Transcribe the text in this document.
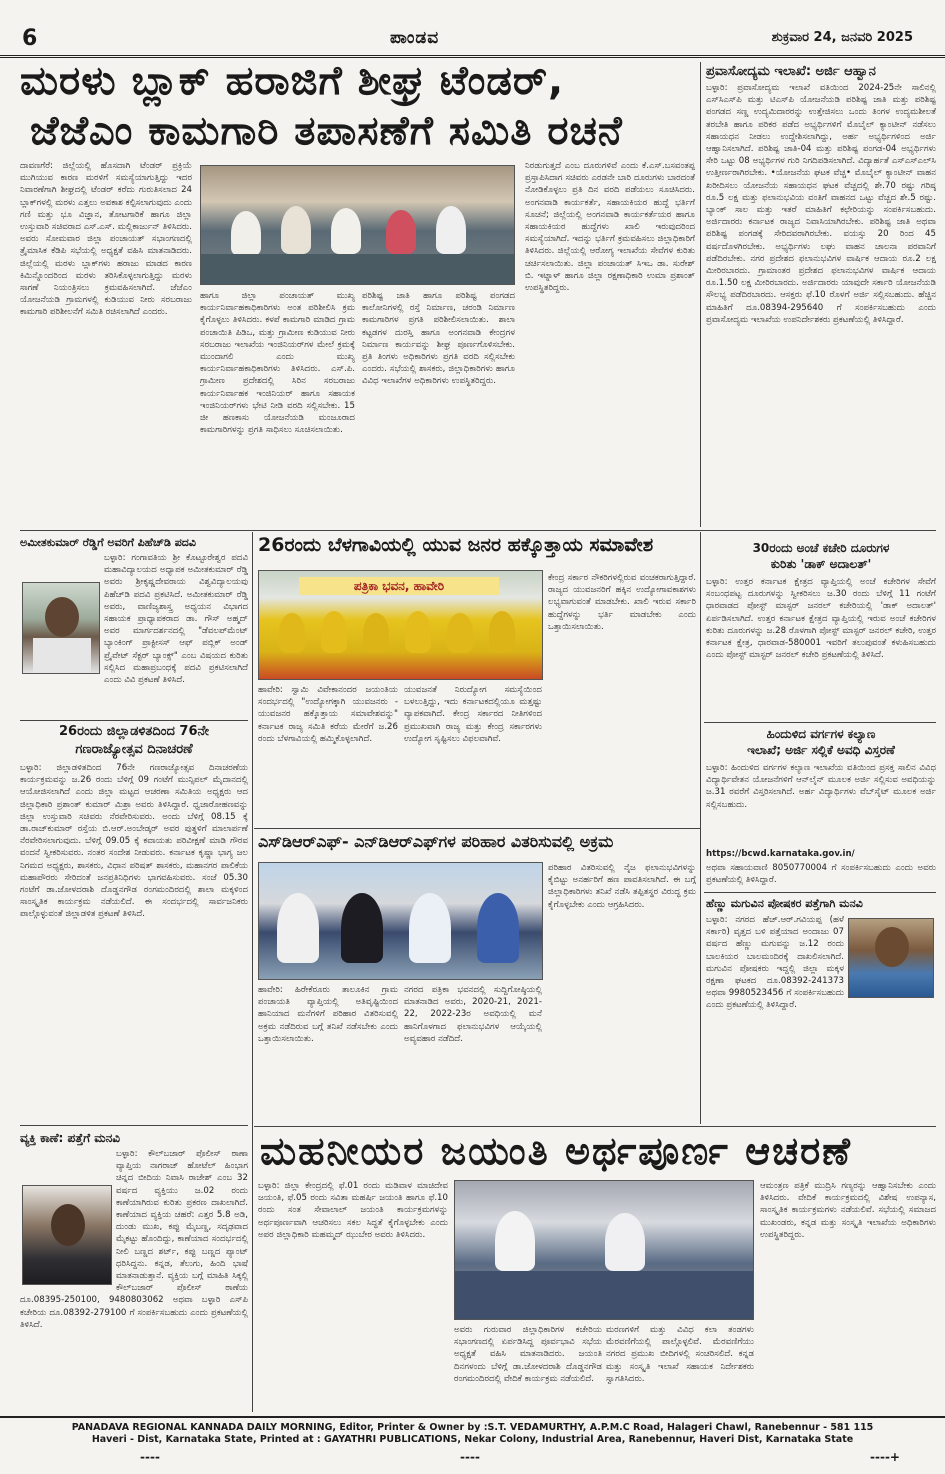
6	ಪಾಂಡವ	ಶುಕ್ರವಾರ 24, ಜನವರಿ 2025
ಮರಳು ಬ್ಲಾಕ್ ಹರಾಜಿಗೆ ಶೀಘ್ರ ಟೆಂಡರ್,
ಜೆಜೆಎಂ ಕಾಮಗಾರಿ ತಪಾಸಣೆಗೆ ಸಮಿತಿ ರಚನೆ
ದಾವಣಗೆರೆ: ಜಿಲ್ಲೆಯಲ್ಲಿ ಹೊಸದಾಗಿ ಟೆಂಡರ್ ಪ್ರಕ್ರಿಯೆ ಮುಗಿಯುವ ಕಾರಣ ಮರಳಿಗೆ ಸಮಸ್ಯೆಯಾಗುತ್ತಿದ್ದು ಇದರ ನಿವಾರಣೆಗಾಗಿ ಶೀಘ್ರದಲ್ಲಿ ಟೆಂಡರ್ ಕರೆದು ಗುರುತಿಸಲಾದ 24 ಬ್ಲಾಕ್‌ಗಳಲ್ಲಿ ಮರಳು ಎತ್ತಲು ಅವಕಾಶ ಕಲ್ಪಿಸಲಾಗುವುದು ಎಂದು ಗಣಿ ಮತ್ತು ಭೂ ವಿಜ್ಞಾನ, ತೋಟಗಾರಿಕೆ ಹಾಗೂ ಜಿಲ್ಲಾ ಉಸ್ತುವಾರಿ ಸಚಿವರಾದ ಎಸ್.ಎಸ್. ಮಲ್ಲಿಕಾರ್ಜುನ್ ತಿಳಿಸಿದರು. ಅವರು ಸೋಮವಾರ ಜಿಲ್ಲಾ ಪಂಚಾಯತ್ ಸಭಾಂಗಣದಲ್ಲಿ ತ್ರೈಮಾಸಿಕ ಕೆಡಿಪಿ ಸಭೆಯಲ್ಲಿ ಅಧ್ಯಕ್ಷತೆ ವಹಿಸಿ ಮಾತನಾಡಿದರು. ಜಿಲ್ಲೆಯಲ್ಲಿ ಮರಳು ಬ್ಲಾಕ್‌ಗಳು ಹರಾಜು ಮಾಡದ ಕಾರಣ ಕಿಮಿನ್ನೊಂದರಿಂದ ಮರಳು ತರಿಸಿಕೊಳ್ಳಲಾಗುತ್ತಿದ್ದು ಮರಳು ಸಾಗಣೆ ನಿಯಂತ್ರಿಸಲು ಕ್ರಮವಹಿಸಲಾಗಿದೆ. ಜೆಜೆಎಂ ಯೋಜನೆಯಡಿ ಗ್ರಾಮಗಳಲ್ಲಿ ಕುಡಿಯುವ ನೀರು ಸರಬರಾಜು ಕಾಮಗಾರಿ ಪರಿಶೀಲನೆಗೆ ಸಮಿತಿ ರಚಿಸಲಾಗಿದೆ ಎಂದರು.
ಹಾಗೂ ಜಿಲ್ಲಾ ಪಂಚಾಯತ್ ಮುಖ್ಯ ಕಾರ್ಯನಿರ್ವಾಹಕಾಧಿಕಾರಿಗಳು ಅಂತ ಪರಿಶೀಲಿಸಿ ಕ್ರಮ ಕೈಗೊಳ್ಳಲು ತಿಳಿಸಿದರು. ಕಳಪೆ ಕಾಮಗಾರಿ ಮಾಡಿದ ಗ್ರಾಮ ಪಂಚಾಯಿತಿ ಪಿಡಿಒ, ಮತ್ತು ಗ್ರಾಮೀಣ ಕುಡಿಯುವ ನೀರು ಸರಬರಾಜು ಇಲಾಖೆಯ ಇಂಜಿನಿಯರ್‌ಗಳ ಮೇಲೆ ಕ್ರಮಕ್ಕೆ ಮುಂದಾಗಲಿ ಎಂದು ಮುಖ್ಯ ಕಾರ್ಯನಿರ್ವಾಹಕಾಧಿಕಾರಿಗಳು ತಿಳಿಸಿದರು. ಎಸ್.ಪಿ. ಗ್ರಾಮೀಣ ಪ್ರದೇಶದಲ್ಲಿ ಸಿರಿನ ಸರಬರಾಜು ಕಾರ್ಯನಿರ್ವಾಹಕ ಇಂಜಿನಿಯರ್ ಹಾಗೂ ಸಹಾಯಕ ಇಂಜಿನಿಯರ್‌ಗಳು ಭೇಟಿ ನೀಡಿ ವರದಿ ಸಲ್ಲಿಸಬೇಕು. 15 ಜೀ ಹಣಕಾಸು ಯೋಜನೆಯಡಿ ಮಂಜೂರಾದ ಕಾಮಗಾರಿಗಳನ್ನು ಪ್ರಗತಿ ಸಾಧಿಸಲು ಸೂಚಿಸಲಾಯಿತು.
ಪರಿಶಿಷ್ಟ ಜಾತಿ ಹಾಗೂ ಪರಿಶಿಷ್ಟ ಪಂಗಡದ ಕಾಲೋನಿಗಳಲ್ಲಿ ರಸ್ತೆ ನಿರ್ಮಾಣ, ಚರಂಡಿ ನಿರ್ಮಾಣ ಕಾಮಗಾರಿಗಳ ಪ್ರಗತಿ ಪರಿಶೀಲಿಸಲಾಯಿತು. ಶಾಲಾ ಕಟ್ಟಡಗಳ ದುರಸ್ತಿ ಹಾಗೂ ಅಂಗನವಾಡಿ ಕೇಂದ್ರಗಳ ನಿರ್ಮಾಣ ಕಾರ್ಯವನ್ನು ಶೀಘ್ರ ಪೂರ್ಣಗೊಳಿಸಬೇಕು. ಪ್ರತಿ ತಿಂಗಳು ಅಧಿಕಾರಿಗಳು ಪ್ರಗತಿ ವರದಿ ಸಲ್ಲಿಸಬೇಕು ಎಂದರು. ಸಭೆಯಲ್ಲಿ ಶಾಸಕರು, ಜಿಲ್ಲಾಧಿಕಾರಿಗಳು ಹಾಗೂ ವಿವಿಧ ಇಲಾಖೆಗಳ ಅಧಿಕಾರಿಗಳು ಉಪಸ್ಥಿತರಿದ್ದರು.
ನಿರಡುಗುತ್ತದೆ ಎಂಬ ದೂರುಗಳಿವೆ ಎಂದು ಕೆ.ಎಸ್.ಬಸವಂತಪ್ಪ ಪ್ರಸ್ತಾಪಿಸಿದಾಗ ಸಚಿವರು ಎರಡನೇ ಬಾರಿ ದೂರುಗಳು ಬಾರದಂತೆ ನೋಡಿಕೊಳ್ಳಲು ಪ್ರತಿ ದಿನ ವರದಿ ಪಡೆಯಲು ಸೂಚಿಸಿದರು. ಅಂಗನವಾಡಿ ಕಾರ್ಯಕರ್ತೆ, ಸಹಾಯಕಿಯರ ಹುದ್ದೆ ಭರ್ತಿಗೆ ಸೂಚನೆ; ಜಿಲ್ಲೆಯಲ್ಲಿ ಅಂಗನವಾಡಿ ಕಾರ್ಯಕರ್ತೆಯರ ಹಾಗೂ ಸಹಾಯಕಿಯರ ಹುದ್ದೆಗಳು ಖಾಲಿ ಇರುವುದರಿಂದ ಸಮಸ್ಯೆಯಾಗಿದೆ. ಇದನ್ನು ಭರ್ತಿಗೆ ಕ್ರಮವಹಿಸಲು ಜಿಲ್ಲಾಧಿಕಾರಿಗೆ ತಿಳಿಸಿದರು. ಜಿಲ್ಲೆಯಲ್ಲಿ ಆರೋಗ್ಯ ಇಲಾಖೆಯ ಸೇವೆಗಳ ಕುರಿತು ಚರ್ಚಿಸಲಾಯಿತು. ಜಿಲ್ಲಾ ಪಂಚಾಯತ್ ಸಿಇಒ ಡಾ. ಸುರೇಶ್ ಬಿ. ಇಟ್ನಾಳ್ ಹಾಗೂ ಜಿಲ್ಲಾ ರಕ್ಷಣಾಧಿಕಾರಿ ಉಮಾ ಪ್ರಶಾಂತ್ ಉಪಸ್ಥಿತರಿದ್ದರು.
ಪ್ರವಾಸೋದ್ಯಮ ಇಲಾಖೆ: ಅರ್ಜಿ ಆಹ್ವಾನ
ಬಳ್ಳಾರಿ: ಪ್ರವಾಸೋದ್ಯಮ ಇಲಾಖೆ ವತಿಯಿಂದ 2024-25ನೇ ಸಾಲಿನಲ್ಲಿ ಎಸ್‌ಸಿಎಸ್‌ಪಿ ಮತ್ತು ಟಿಎಸ್‌ಪಿ ಯೋಜನೆಯಡಿ ಪರಿಶಿಷ್ಟ ಜಾತಿ ಮತ್ತು ಪರಿಶಿಷ್ಟ ಪಂಗಡದ ಸಣ್ಣ ಉದ್ಯಮಿದಾರರನ್ನು ಉತ್ತೇಜಿಸಲು ಒಂದು ತಿಂಗಳ ಉದ್ಯಮಶೀಲತೆ ತರಬೇತಿ ಹಾಗೂ ಪರಿಕರ ಪಡೆದ ಅಭ್ಯರ್ಥಿಗಳಿಗೆ ಮೊಬೈಲ್ ಕ್ಯಾಂಟೀನ್ ನಡೆಸಲು ಸಹಾಯಧನ ನೀಡಲು ಉದ್ದೇಶಿಸಲಾಗಿದ್ದು, ಅರ್ಹ ಅಭ್ಯರ್ಥಿಗಳಿಂದ ಅರ್ಜಿ ಆಹ್ವಾನಿಸಲಾಗಿದೆ. ಪರಿಶಿಷ್ಟ ಜಾತಿ-04 ಮತ್ತು ಪರಿಶಿಷ್ಟ ಪಂಗಡ-04 ಅಭ್ಯರ್ಥಿಗಳು ಸೇರಿ ಒಟ್ಟು 08 ಅಭ್ಯರ್ಥಿಗಳ ಗುರಿ ನಿಗದಿಪಡಿಸಲಾಗಿದೆ. ವಿದ್ಯಾರ್ಹತೆ ಎಸ್‌ಎಸ್‌ಎಲ್‌ಸಿ ಉತ್ತೀರ್ಣರಾಗಿರಬೇಕು. •ಯೋಜನೆಯ ಘಟಕ ವೆಚ್ಚ• ಮೊಬೈಲ್ ಕ್ಯಾಂಟೀನ್ ವಾಹನ ಖರೀದಿಸಲು ಯೋಜನೆಯ ಸಹಾಯಧನ ಘಟಕ ವೆಚ್ಚದಲ್ಲಿ ಶೇ.70 ರಷ್ಟು ಗರಿಷ್ಠ ರೂ.5 ಲಕ್ಷ ಮತ್ತು ಫಲಾನುಭವಿಯ ವಂತಿಗೆ ವಾಹನದ ಒಟ್ಟು ವೆಚ್ಚದ ಶೇ.5 ರಷ್ಟು. ಬ್ಯಾಂಕ್ ಸಾಲ ಮತ್ತು ಇತರೆ ಮಾಹಿತಿಗೆ ಕಛೇರಿಯನ್ನು ಸಂಪರ್ಕಿಸಬಹುದು. ಅರ್ಜಿದಾರರು ಕರ್ನಾಟಕ ರಾಜ್ಯದ ನಿವಾಸಿಯಾಗಿರಬೇಕು. ಪರಿಶಿಷ್ಟ ಜಾತಿ ಅಥವಾ ಪರಿಶಿಷ್ಟ ಪಂಗಡಕ್ಕೆ ಸೇರಿದವರಾಗಿರಬೇಕು. ವಯಸ್ಸು 20 ರಿಂದ 45 ವರ್ಷದೊಳಗಿರಬೇಕು. ಅಭ್ಯರ್ಥಿಗಳು ಲಘು ವಾಹನ ಚಾಲನಾ ಪರವಾನಿಗೆ ಪಡೆದಿರಬೇಕು. ನಗರ ಪ್ರದೇಶದ ಫಲಾನುಭವಿಗಳ ವಾರ್ಷಿಕ ಆದಾಯ ರೂ.2 ಲಕ್ಷ ಮೀರಿರಬಾರದು. ಗ್ರಾಮಾಂತರ ಪ್ರದೇಶದ ಫಲಾನುಭವಿಗಳ ವಾರ್ಷಿಕ ಆದಾಯ ರೂ.1.50 ಲಕ್ಷ ಮೀರಿರಬಾರದು. ಅರ್ಜಿದಾರರು ಯಾವುದೇ ಸರ್ಕಾರಿ ಯೋಜನೆಯಡಿ ಸೌಲಭ್ಯ ಪಡೆದಿರಬಾರದು. ಆಸಕ್ತರು ಫೆ.10 ರೊಳಗೆ ಅರ್ಜಿ ಸಲ್ಲಿಸಬಹುದು. ಹೆಚ್ಚಿನ ಮಾಹಿತಿಗೆ ದೂ.08394-295640 ಗೆ ಸಂಪರ್ಕಿಸಬಹುದು ಎಂದು ಪ್ರವಾಸೋದ್ಯಮ ಇಲಾಖೆಯ ಉಪನಿರ್ದೇಶಕರು ಪ್ರಕಟಣೆಯಲ್ಲಿ ತಿಳಿಸಿದ್ದಾರೆ.
ಅಮೀತಕುಮಾರ್ ರೆಡ್ಡಿಗೆ ಅವರಿಗೆ ಪಿಹೆಚ್‌ಡಿ ಪದವಿ
ಬಳ್ಳಾರಿ: ಗಂಗಾವತಿಯ ಶ್ರೀ ಕೊಟ್ಟೂರೇಶ್ವರ ಪದವಿ ಮಹಾವಿದ್ಯಾಲಯದ ಅಧ್ಯಾಪಕ ಅಮೀತಕುಮಾರ್ ರೆಡ್ಡಿ ಅವರು ಶ್ರೀಕೃಷ್ಣದೇವರಾಯ ವಿಶ್ವವಿದ್ಯಾಲಯವು ಪಿಹೆಚ್‌ಡಿ ಪದವಿ ಪ್ರಕಟಿಸಿದೆ. ಅಮೀತಕುಮಾರ್ ರೆಡ್ಡಿ ಅವರು, ವಾಣಿಜ್ಯಶಾಸ್ತ್ರ ಅಧ್ಯಯನ ವಿಭಾಗದ ಸಹಾಯಕ ಪ್ರಾಧ್ಯಾಪಕರಾದ ಡಾ. ಗೌಸ್ ಅಹ್ಮದ್ ಅವರ ಮಾರ್ಗದರ್ಶನದಲ್ಲಿ "ಡೆವಲಪ್‌ಮೆಂಟ್ ಬ್ಯಾಂಕಿಂಗ್ ಪ್ರಾಕ್ಟೀಸಸ್ ಆಫ್ ಪಬ್ಲಿಕ್ ಅಂಡ್ ಪ್ರೈವೇಟ್ ಸೆಕ್ಟರ್ ಬ್ಯಾಂಕ್ಸ್" ಎಂಬ ವಿಷಯದ ಕುರಿತು ಸಲ್ಲಿಸಿದ ಮಹಾಪ್ರಬಂಧಕ್ಕೆ ಪದವಿ ಪ್ರಕಟಿಸಲಾಗಿದೆ ಎಂದು ವಿವಿ ಪ್ರಕಟಣೆ ತಿಳಿಸಿದೆ.
26ರಂದು ಜಿಲ್ಲಾಡಳಿತದಿಂದ 76ನೇ
ಗಣರಾಜ್ಯೋತ್ಸವ ದಿನಾಚರಣೆ
ಬಳ್ಳಾರಿ: ಜಿಲ್ಲಾಡಳಿತದಿಂದ 76ನೇ ಗಣರಾಜ್ಯೋತ್ಸವ ದಿನಾಚರಣೆಯ ಕಾರ್ಯಕ್ರಮವನ್ನು ಜ.26 ರಂದು ಬೆಳಿಗ್ಗೆ 09 ಗಂಟೆಗೆ ಮುನ್ಸಿಪಲ್ ಮೈದಾನದಲ್ಲಿ ಆಯೋಜಿಸಲಾಗಿದೆ ಎಂದು ಜಿಲ್ಲಾ ಮಟ್ಟದ ಆಚರಣಾ ಸಮಿತಿಯ ಅಧ್ಯಕ್ಷರು ಆದ ಜಿಲ್ಲಾಧಿಕಾರಿ ಪ್ರಶಾಂತ್ ಕುಮಾರ್ ಮಿಶ್ರಾ ಅವರು ತಿಳಿಸಿದ್ದಾರೆ. ಧ್ವಜಾರೋಹಣವನ್ನು ಜಿಲ್ಲಾ ಉಸ್ತುವಾರಿ ಸಚಿವರು ನೆರವೇರಿಸುವರು. ಅಂದು ಬೆಳಿಗ್ಗೆ 08.15 ಕ್ಕೆ ಡಾ.ರಾಜ್‌ಕುಮಾರ್ ರಸ್ತೆಯ ಬಿ.ಆರ್.ಅಂಬೇಡ್ಕರ್ ಅವರ ಪುತ್ಥಳಿಗೆ ಮಾಲಾರ್ಪಣೆ ನೆರವೇರಿಸಲಾಗುವುದು. ಬೆಳಿಗ್ಗೆ 09.05 ಕ್ಕೆ ಕವಾಯತು ಪರಿವೀಕ್ಷಣೆ ಮಾಡಿ ಗೌರವ ವಂದನೆ ಸ್ವೀಕರಿಸುವರು. ನಂತರ ಸಂದೇಶ ನೀಡುವರು. ಕರ್ನಾಟಕ ಕೃಷ್ಣಾ ಭಾಗ್ಯ ಜಲ ನಿಗಮದ ಅಧ್ಯಕ್ಷರು, ಶಾಸಕರು, ವಿಧಾನ ಪರಿಷತ್ ಶಾಸಕರು, ಮಹಾನಗರ ಪಾಲಿಕೆಯ ಮಹಾಪೌರರು ಸೇರಿದಂತೆ ಜನಪ್ರತಿನಿಧಿಗಳು ಭಾಗವಹಿಸುವರು. ಸಂಜೆ 05.30 ಗಂಟೆಗೆ ಡಾ.ಜೋಳದರಾಶಿ ದೊಡ್ಡನಗೌಡ ರಂಗಮಂದಿರದಲ್ಲಿ ಶಾಲಾ ಮಕ್ಕಳಿಂದ ಸಾಂಸ್ಕೃತಿಕ ಕಾರ್ಯಕ್ರಮ ನಡೆಯಲಿದೆ. ಈ ಸಂದರ್ಭದಲ್ಲಿ ಸಾರ್ವಜನಿಕರು ಪಾಲ್ಗೊಳ್ಳುವಂತೆ ಜಿಲ್ಲಾಡಳಿತ ಪ್ರಕಟಣೆ ತಿಳಿಸಿದೆ.
ವ್ಯಕ್ತಿ ಕಾಣೆ: ಪತ್ತೆಗೆ ಮನವಿ
ಬಳ್ಳಾರಿ: ಕೌಲ್‌ಬಜಾರ್ ಪೊಲೀಸ್ ಠಾಣಾ ವ್ಯಾಪ್ತಿಯ ನಾಗರಾಜ್ ಹೋಟೆಲ್ ಹಿಂಭಾಗ ಚಿನ್ನದ ಬೀದಿಯ ನಿವಾಸಿ ರಾಜೇಶ್ ಎಂಬ 32 ವರ್ಷದ ವ್ಯಕ್ತಿಯು ಜ.02 ರಂದು ಕಾಣೆಯಾಗಿರುವ ಕುರಿತು ಪ್ರಕರಣ ದಾಖಲಾಗಿದೆ. ಕಾಣೆಯಾದ ವ್ಯಕ್ತಿಯ ಚಹರೆ: ಎತ್ತರ 5.8 ಅಡಿ, ದುಂಡು ಮುಖ, ಕಪ್ಪು ಮೈಬಣ್ಣ, ಸದೃಢವಾದ ಮೈಕಟ್ಟು ಹೊಂದಿದ್ದು, ಕಾಣೆಯಾದ ಸಂದರ್ಭದಲ್ಲಿ ನೀಲಿ ಬಣ್ಣದ ಶರ್ಟ್, ಕಪ್ಪು ಬಣ್ಣದ ಪ್ಯಾಂಟ್ ಧರಿಸಿದ್ದನು. ಕನ್ನಡ, ತೆಲುಗು, ಹಿಂದಿ ಭಾಷೆ ಮಾತನಾಡುತ್ತಾನೆ. ವ್ಯಕ್ತಿಯ ಬಗ್ಗೆ ಮಾಹಿತಿ ಸಿಕ್ಕಲ್ಲಿ ಕೌಲ್‌ಬಜಾರ್ ಪೊಲೀಸ್ ಠಾಣೆಯ ದೂ.08395-250100, 9480803062 ಅಥವಾ ಬಳ್ಳಾರಿ ಎಸ್‌ಪಿ ಕಚೇರಿಯ ದೂ.08392-279100 ಗೆ ಸಂಪರ್ಕಿಸಬಹುದು ಎಂದು ಪ್ರಕಟಣೆಯಲ್ಲಿ ತಿಳಿಸಿದೆ.
26ರಂದು ಬೆಳಗಾವಿಯಲ್ಲಿ ಯುವ ಜನರ ಹಕ್ಕೊತ್ತಾಯ ಸಮಾವೇಶ
ಪತ್ರಿಕಾ ಭವನ, ಹಾವೇರಿ
ಹಾವೇರಿ: ಸ್ವಾಮಿ ವಿವೇಕಾನಂದರ ಜಯಂತಿಯ ಸಂದರ್ಭದಲ್ಲಿ "ಉದ್ಯೋಗಕ್ಕಾಗಿ ಯುವಜನರು - ಯುವಜನರ ಹಕ್ಕೊತ್ತಾಯ ಸಮಾವೇಶವನ್ನು" ಕರ್ನಾಟಕ ರಾಜ್ಯ ಸಮಿತಿ ಕರೆಯ ಮೇರೆಗೆ ಜ.26 ರಂದು ಬೆಳಗಾವಿಯಲ್ಲಿ ಹಮ್ಮಿಕೊಳ್ಳಲಾಗಿದೆ.
ಯುವಜನತೆ ನಿರುದ್ಯೋಗ ಸಮಸ್ಯೆಯಿಂದ ಬಳಲುತ್ತಿದ್ದು, ಇದು ಕರ್ನಾಟಕದಲ್ಲಿಯೂ ಮತ್ತಷ್ಟು ವ್ಯಾಪಕವಾಗಿದೆ. ಕೇಂದ್ರ ಸರ್ಕಾರದ ನೀತಿಗಳಿಂದ ಪ್ರಮುಖವಾಗಿ ರಾಜ್ಯ ಮತ್ತು ಕೇಂದ್ರ ಸರ್ಕಾರಗಳು ಉದ್ಯೋಗ ಸೃಷ್ಟಿಸಲು ವಿಫಲವಾಗಿವೆ.
ಕೇಂದ್ರ ಸರ್ಕಾರ ನೌಕರಿಗಳಲ್ಲಿರುವ ವಂಚಕರಾಗುತ್ತಿದ್ದಾರೆ. ರಾಜ್ಯದ ಯುವಜನರಿಗೆ ಹಕ್ಕಿನ ಉದ್ಯೋಗಾವಕಾಶಗಳು ಲಭ್ಯವಾಗುವಂತೆ ಮಾಡಬೇಕು. ಖಾಲಿ ಇರುವ ಸರ್ಕಾರಿ ಹುದ್ದೆಗಳನ್ನು ಭರ್ತಿ ಮಾಡಬೇಕು ಎಂದು ಒತ್ತಾಯಿಸಲಾಯಿತು.
30ರಂದು ಅಂಚೆ ಕಚೇರಿ ದೂರುಗಳ
ಕುರಿತು 'ಡಾಕ್ ಅದಾಲತ್'
ಬಳ್ಳಾರಿ: ಉತ್ತರ ಕರ್ನಾಟಕ ಕ್ಷೇತ್ರದ ವ್ಯಾಪ್ತಿಯಲ್ಲಿ ಅಂಚೆ ಕಚೇರಿಗಳ ಸೇವೆಗೆ ಸಂಬಂಧಪಟ್ಟ ದೂರುಗಳನ್ನು ಸ್ವೀಕರಿಸಲು ಜ.30 ರಂದು ಬೆಳಿಗ್ಗೆ 11 ಗಂಟೆಗೆ ಧಾರವಾಡದ ಪೋಸ್ಟ್ ಮಾಸ್ಟರ್ ಜನರಲ್ ಕಚೇರಿಯಲ್ಲಿ 'ಡಾಕ್ ಅದಾಲತ್' ಏರ್ಪಡಿಸಲಾಗಿದೆ. ಉತ್ತರ ಕರ್ನಾಟಕ ಕ್ಷೇತ್ರದ ವ್ಯಾಪ್ತಿಯಲ್ಲಿ ಇರುವ ಅಂಚೆ ಕಚೇರಿಗಳ ಕುರಿತು ದೂರುಗಳನ್ನು ಜ.28 ರೊಳಗಾಗಿ ಪೋಸ್ಟ್ ಮಾಸ್ಟರ್ ಜನರಲ್ ಕಚೇರಿ, ಉತ್ತರ ಕರ್ನಾಟಕ ಕ್ಷೇತ್ರ, ಧಾರವಾಡ-580001 ಇವರಿಗೆ ತಲುಪುವಂತೆ ಕಳುಹಿಸಬಹುದು ಎಂದು ಪೋಸ್ಟ್ ಮಾಸ್ಟರ್ ಜನರಲ್ ಕಚೇರಿ ಪ್ರಕಟಣೆಯಲ್ಲಿ ತಿಳಿಸಿದೆ.
ಹಿಂದುಳಿದ ವರ್ಗಗಳ ಕಲ್ಯಾಣ
ಇಲಾಖೆ; ಅರ್ಜಿ ಸಲ್ಲಿಕೆ ಅವಧಿ ವಿಸ್ತರಣೆ
ಬಳ್ಳಾರಿ: ಹಿಂದುಳಿದ ವರ್ಗಗಳ ಕಲ್ಯಾಣ ಇಲಾಖೆಯ ವತಿಯಿಂದ ಪ್ರಸಕ್ತ ಸಾಲಿನ ವಿವಿಧ ವಿದ್ಯಾರ್ಥಿವೇತನ ಯೋಜನೆಗಳಿಗೆ ಆನ್‌ಲೈನ್ ಮೂಲಕ ಅರ್ಜಿ ಸಲ್ಲಿಸುವ ಅವಧಿಯನ್ನು ಜ.31 ರವರೆಗೆ ವಿಸ್ತರಿಸಲಾಗಿದೆ. ಅರ್ಹ ವಿದ್ಯಾರ್ಥಿಗಳು ವೆಬ್‌ಸೈಟ್ ಮೂಲಕ ಅರ್ಜಿ ಸಲ್ಲಿಸಬಹುದು.
https://bcwd.karnataka.gov.in/
ಅಥವಾ ಸಹಾಯವಾಣಿ 8050770004 ಗೆ ಸಂಪರ್ಕಿಸಬಹುದು ಎಂದು ಅವರು ಪ್ರಕಟಣೆಯಲ್ಲಿ ತಿಳಿಸಿದ್ದಾರೆ.
ಹೆಣ್ಣು ಮಗುವಿನ ಪೋಷಕರ ಪತ್ತೆಗಾಗಿ ಮನವಿ
ಬಳ್ಳಾರಿ: ನಗರದ ಹೆಚ್.ಆರ್.ಗವಿಯಪ್ಪ (ಹಳೆ ಸರ್ಕಾರಿ) ವೃತ್ತದ ಬಳಿ ಪತ್ತೆಯಾದ ಅಂದಾಜು 07 ವರ್ಷದ ಹೆಣ್ಣು ಮಗುವನ್ನು ಜ.12 ರಂದು ಬಾಲಕಿಯರ ಬಾಲಮಂದಿರಕ್ಕೆ ದಾಖಲಿಸಲಾಗಿದೆ. ಮಗುವಿನ ಪೋಷಕರು ಇದ್ದಲ್ಲಿ ಜಿಲ್ಲಾ ಮಕ್ಕಳ ರಕ್ಷಣಾ ಘಟಕದ ದೂ.08392-241373 ಅಥವಾ 9980523456 ಗೆ ಸಂಪರ್ಕಿಸಬಹುದು ಎಂದು ಪ್ರಕಟಣೆಯಲ್ಲಿ ತಿಳಿಸಿದ್ದಾರೆ.
ಎಸ್‌ಡಿಆರ್‌ಎಫ್- ಎನ್‌ಡಿಆರ್‌ಎಫ್‌ಗಳ ಪರಿಹಾರ ವಿತರಿಸುವಲ್ಲಿ ಅಕ್ರಮ
ಹಾವೇರಿ: ಹಿರೇಕೆರೂರು ತಾಲೂಕಿನ ಗ್ರಾಮ ಪಂಚಾಯತಿ ವ್ಯಾಪ್ತಿಯಲ್ಲಿ ಅತಿವೃಷ್ಟಿಯಿಂದ ಹಾನಿಯಾದ ಮನೆಗಳಿಗೆ ಪರಿಹಾರ ವಿತರಿಸುವಲ್ಲಿ ಅಕ್ರಮ ನಡೆದಿರುವ ಬಗ್ಗೆ ತನಿಖೆ ನಡೆಸಬೇಕು ಎಂದು ಒತ್ತಾಯಿಸಲಾಯಿತು.
ನಗರದ ಪತ್ರಿಕಾ ಭವನದಲ್ಲಿ ಸುದ್ದಿಗೋಷ್ಠಿಯಲ್ಲಿ ಮಾತನಾಡಿದ ಅವರು, 2020-21, 2021-22, 2022-23ರ ಅವಧಿಯಲ್ಲಿ ಮನೆ ಹಾನಿಗೊಳಗಾದ ಫಲಾನುಭವಿಗಳ ಆಯ್ಕೆಯಲ್ಲಿ ಅವ್ಯವಹಾರ ನಡೆದಿದೆ.
ಪರಿಹಾರ ವಿತರಿಸುವಲ್ಲಿ ನೈಜ ಫಲಾನುಭವಿಗಳನ್ನು ಕೈಬಿಟ್ಟು ಅನರ್ಹರಿಗೆ ಹಣ ಪಾವತಿಸಲಾಗಿದೆ. ಈ ಬಗ್ಗೆ ಜಿಲ್ಲಾಧಿಕಾರಿಗಳು ತನಿಖೆ ನಡೆಸಿ ತಪ್ಪಿತಸ್ಥರ ವಿರುದ್ಧ ಕ್ರಮ ಕೈಗೊಳ್ಳಬೇಕು ಎಂದು ಆಗ್ರಹಿಸಿದರು.
ಮಹನೀಯರ ಜಯಂತಿ ಅರ್ಥಪೂರ್ಣ ಆಚರಣೆ
ಬಳ್ಳಾರಿ: ಜಿಲ್ಲಾ ಕೇಂದ್ರದಲ್ಲಿ ಫೆ.01 ರಂದು ಮಡಿವಾಳ ಮಾಚಿದೇವ ಜಯಂತಿ, ಫೆ.05 ರಂದು ಸವಿತಾ ಮಹರ್ಷಿ ಜಯಂತಿ ಹಾಗೂ ಫೆ.10 ರಂದು ಸಂತ ಸೇವಾಲಾಲ್ ಜಯಂತಿ ಕಾರ್ಯಕ್ರಮಗಳನ್ನು ಅರ್ಥಪೂರ್ಣವಾಗಿ ಆಚರಿಸಲು ಸಕಲ ಸಿದ್ಧತೆ ಕೈಗೊಳ್ಳಬೇಕು ಎಂದು ಅಪರ ಜಿಲ್ಲಾಧಿಕಾರಿ ಮಹಮ್ಮದ್ ಝುಬೇರ ಅವರು ತಿಳಿಸಿದರು.
ಅವರು ಗುರುವಾರ ಜಿಲ್ಲಾಧಿಕಾರಿಗಳ ಕಚೇರಿಯ ಸಭಾಂಗಣದಲ್ಲಿ ಏರ್ಪಡಿಸಿದ್ದ ಪೂರ್ವಭಾವಿ ಸಭೆಯ ಅಧ್ಯಕ್ಷತೆ ವಹಿಸಿ ಮಾತನಾಡಿದರು. ಜಯಂತಿ ದಿನಗಳಂದು ಬೆಳಿಗ್ಗೆ ಡಾ.ಜೋಳದರಾಶಿ ದೊಡ್ಡನಗೌಡ ರಂಗಮಂದಿರದಲ್ಲಿ ವೇದಿಕೆ ಕಾರ್ಯಕ್ರಮ ನಡೆಯಲಿದೆ.
ಮರಣಗಳಿಗೆ ಮತ್ತು ವಿವಿಧ ಕಲಾ ತಂಡಗಳು ಮೆರವಣಿಗೆಯಲ್ಲಿ ಪಾಲ್ಗೊಳ್ಳಲಿವೆ. ಮೆರವಣಿಗೆಯು ನಗರದ ಪ್ರಮುಖ ಬೀದಿಗಳಲ್ಲಿ ಸಂಚರಿಸಲಿದೆ. ಕನ್ನಡ ಮತ್ತು ಸಂಸ್ಕೃತಿ ಇಲಾಖೆ ಸಹಾಯಕ ನಿರ್ದೇಶಕರು ಸ್ವಾಗತಿಸಿದರು.
ಆಮಂತ್ರಣ ಪತ್ರಿಕೆ ಮುದ್ರಿಸಿ ಗಣ್ಯರನ್ನು ಆಹ್ವಾನಿಸಬೇಕು ಎಂದು ತಿಳಿಸಿದರು. ವೇದಿಕೆ ಕಾರ್ಯಕ್ರಮದಲ್ಲಿ ವಿಶೇಷ ಉಪನ್ಯಾಸ, ಸಾಂಸ್ಕೃತಿಕ ಕಾರ್ಯಕ್ರಮಗಳು ನಡೆಯಲಿವೆ. ಸಭೆಯಲ್ಲಿ ಸಮಾಜದ ಮುಖಂಡರು, ಕನ್ನಡ ಮತ್ತು ಸಂಸ್ಕೃತಿ ಇಲಾಖೆಯ ಅಧಿಕಾರಿಗಳು ಉಪಸ್ಥಿತರಿದ್ದರು.
PANADAVA REGIONAL KANNADA DAILY MORNING, Editor, Printer & Owner by :S.T. VEDAMURTHY, A.P.M.C Road, Halageri Chawl, Ranebennur - 581 115
Haveri - Dist, Karnataka State, Printed at : GAYATHRI PUBLICATIONS, Nekar Colony, Industrial Area, Ranebennur, Haveri Dist, Karnataka State
----	----	----+
